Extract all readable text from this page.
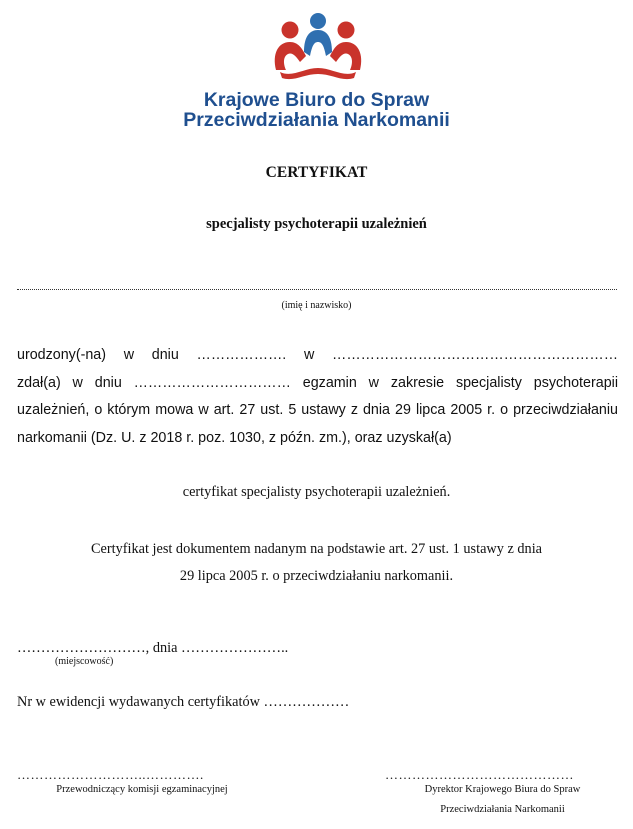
Krajowe Biuro do Spraw
Przeciwdziałania Narkomanii
CERTYFIKAT
specjalisty psychoterapii uzależnień
(imię i nazwisko)
urodzony(-na) w dniu ………………. w ……………………………………………………
zdał(a) w dniu …………………………… egzamin w zakresie specjalisty psychoterapii
uzależnień, o którym mowa w art. 27 ust. 5 ustawy z dnia 29 lipca 2005 r. o przeciwdziałaniu
narkomanii (Dz. U. z 2018 r. poz. 1030, z późn. zm.), oraz uzyskał(a)
certyfikat specjalisty psychoterapii uzależnień.
Certyfikat jest dokumentem nadanym na podstawie art. 27 ust. 1 ustawy z dnia
29 lipca 2005 r. o przeciwdziałaniu narkomanii.
………………………, dnia …………………..
(miejscowość)
Nr w ewidencji wydawanych certyfikatów ………………
………………………..………….
Przewodniczący komisji egzaminacyjnej
……………………………………
Dyrektor Krajowego Biura do Spraw
Przeciwdziałania Narkomanii
